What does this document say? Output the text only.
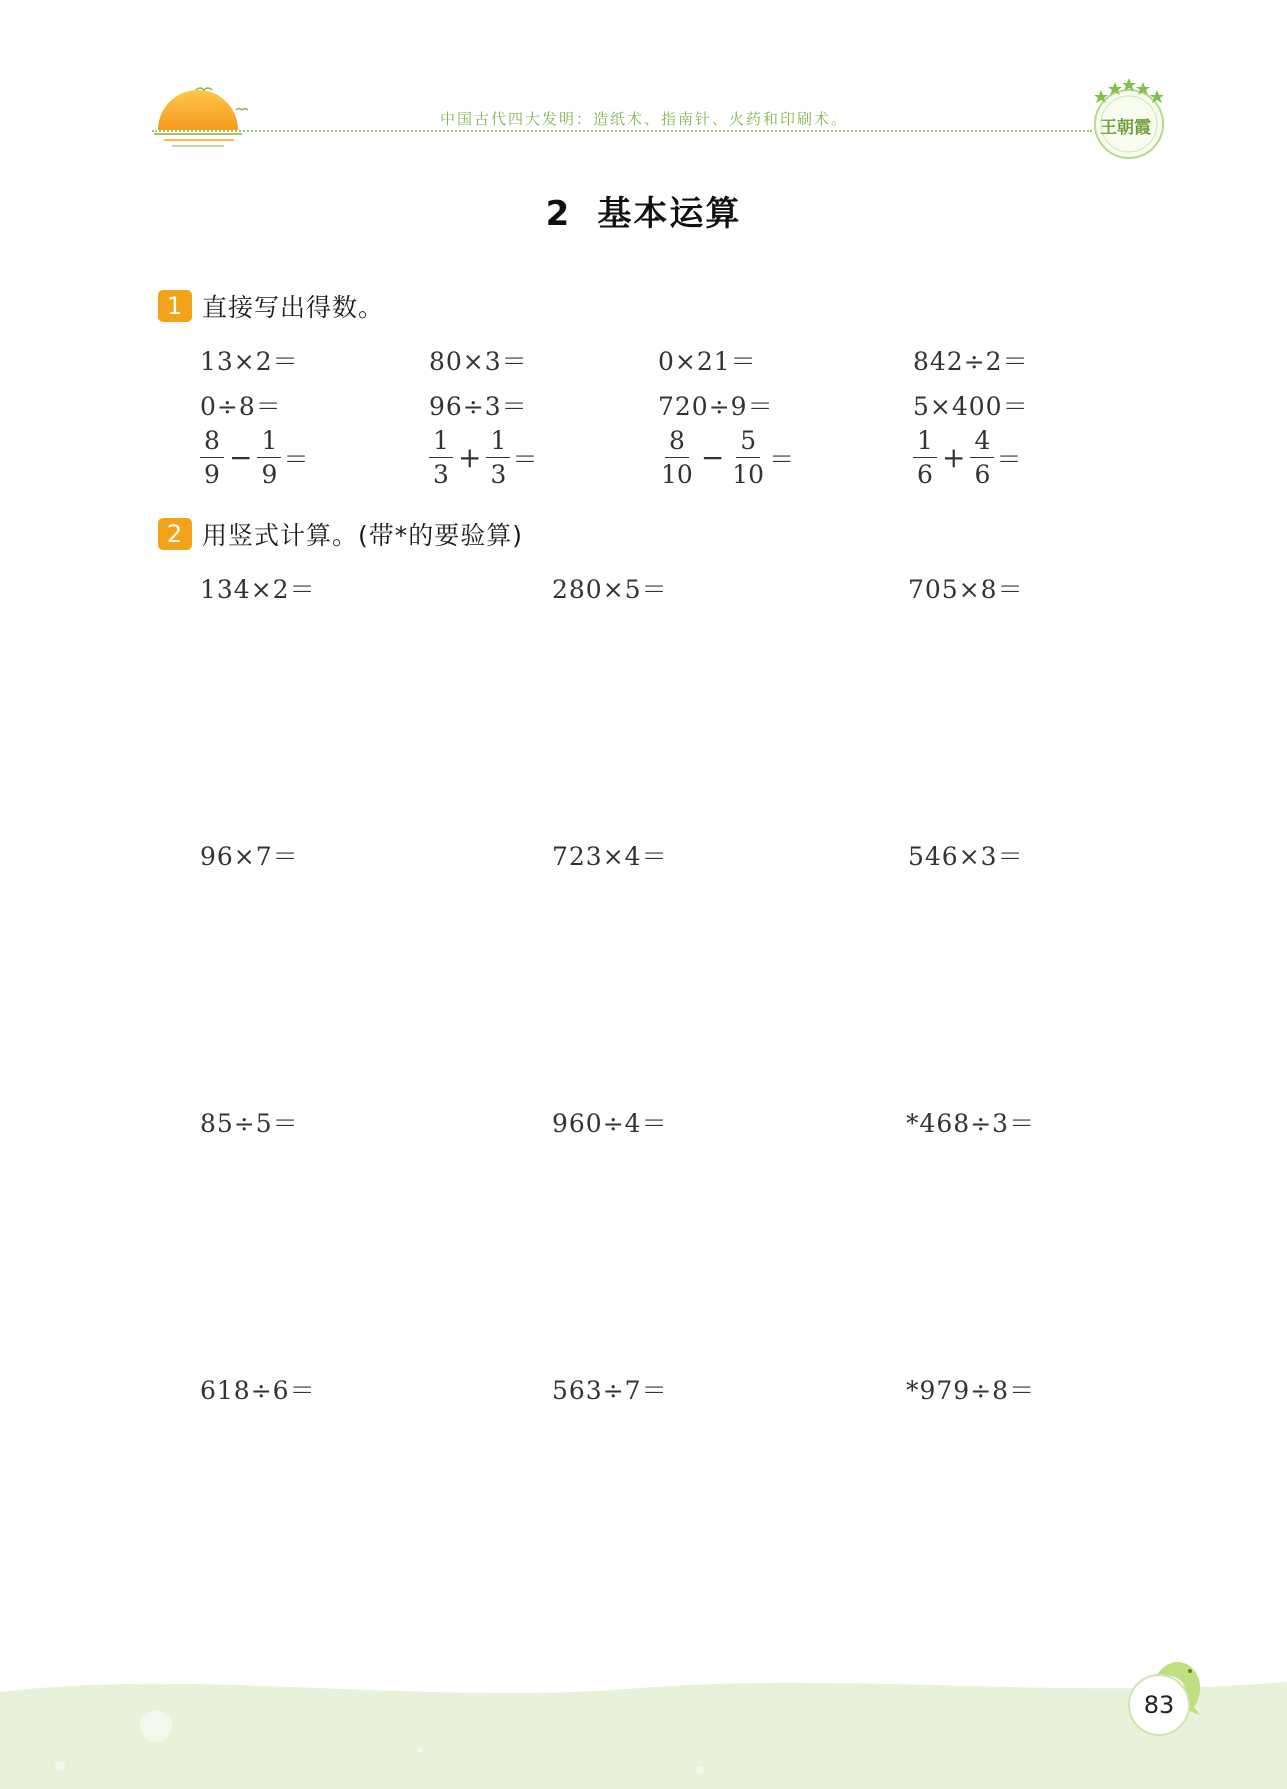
中国古代四大发明：造纸术、指南针、火药和印刷术。	王朝霞
2 基本运算
1 直接写出得数。
13×2＝	80×3＝	0×21＝	842÷2＝
0÷8＝	96÷3＝	720÷9＝	5×400＝
$\frac{8}{9} - \frac{1}{9}$ ＝	$\frac{1}{3} + \frac{1}{3}$ ＝	$\frac{8}{10} - \frac{5}{10}$ ＝	$\frac{1}{6} + \frac{4}{6}$ ＝
2 用竖式计算。(带*的要验算)
134×2＝	280×5＝	705×8＝
96×7＝	723×4＝	546×3＝
85÷5＝	960÷4＝	*468÷3＝
618÷6＝	563÷7＝	*979÷8＝
83
